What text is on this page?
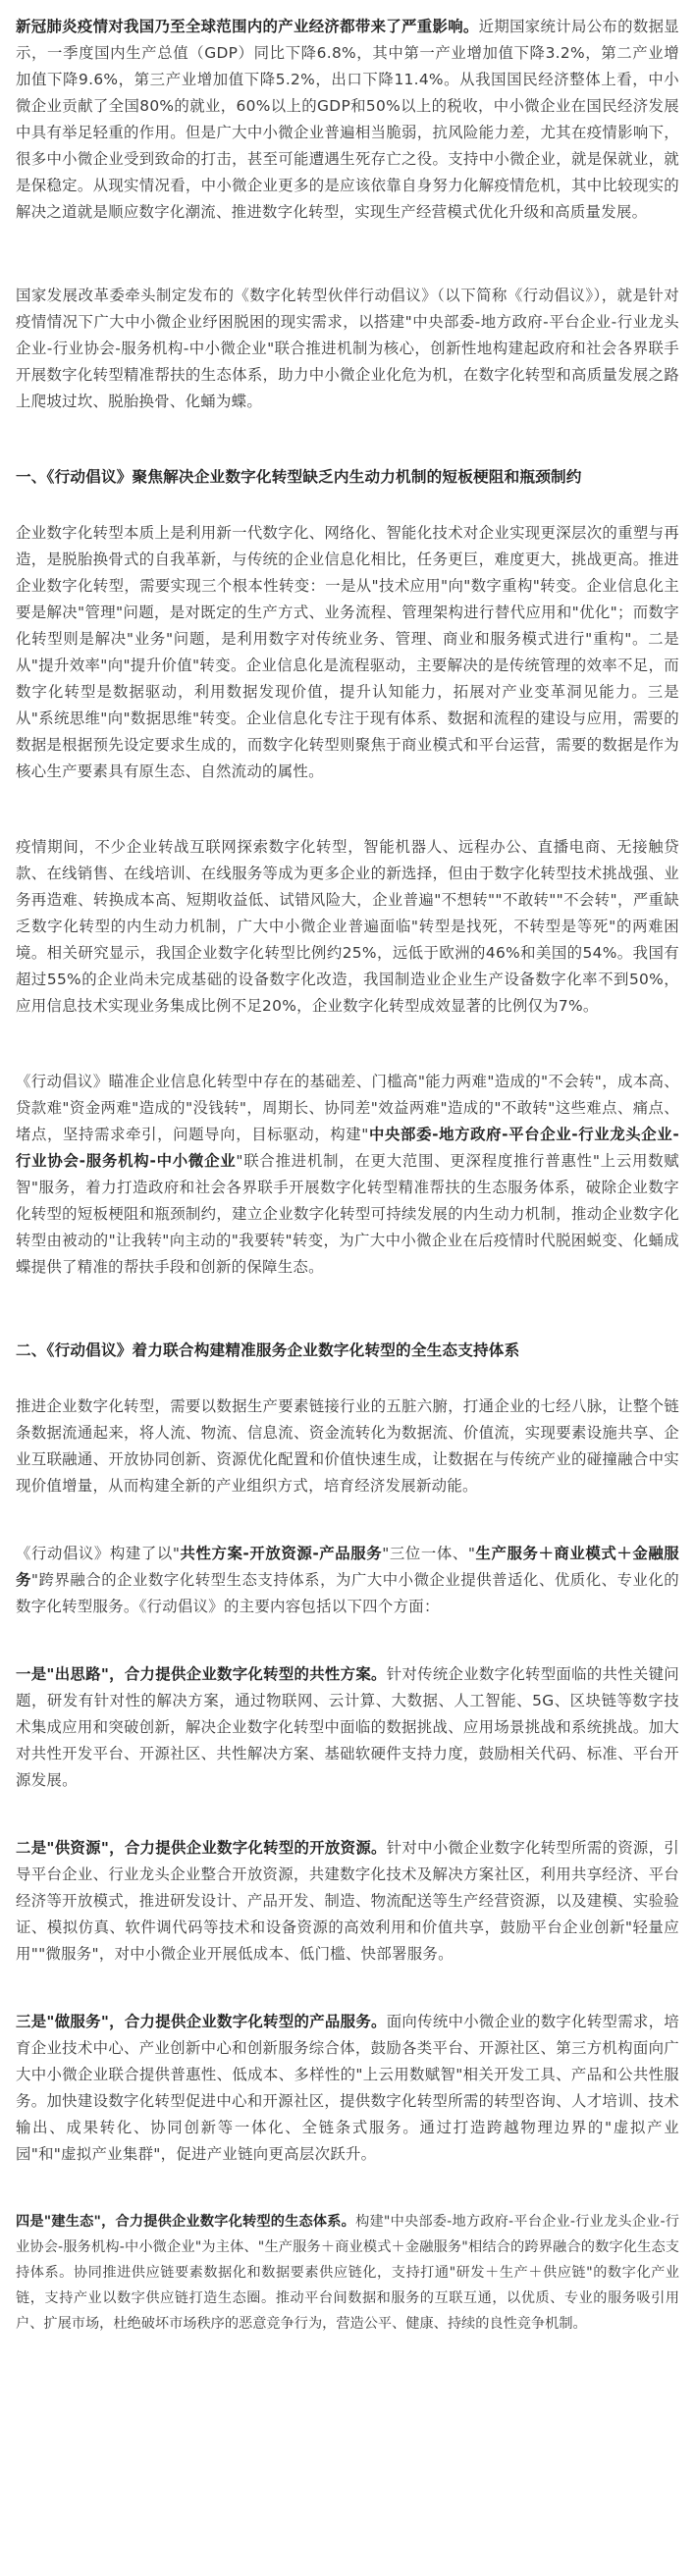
新冠肺炎疫情对我国乃至全球范围内的产业经济都带来了严重影响。近期国家统计局公布的数据显示，一季度国内生产总值（GDP）同比下降6.8%，其中第一产业增加值下降3.2%，第二产业增加值下降9.6%，第三产业增加值下降5.2%，出口下降11.4%。从我国国民经济整体上看，中小微企业贡献了全国80%的就业，60%以上的GDP和50%以上的税收，中小微企业在国民经济发展中具有举足轻重的作用。但是广大中小微企业普遍相当脆弱，抗风险能力差，尤其在疫情影响下，很多中小微企业受到致命的打击，甚至可能遭遇生死存亡之役。支持中小微企业，就是保就业，就是保稳定。从现实情况看，中小微企业更多的是应该依靠自身努力化解疫情危机，其中比较现实的解决之道就是顺应数字化潮流、推进数字化转型，实现生产经营模式优化升级和高质量发展。

国家发展改革委牵头制定发布的《数字化转型伙伴行动倡议》（以下简称《行动倡议》），就是针对疫情情况下广大中小微企业纾困脱困的现实需求，以搭建"中央部委-地方政府-平台企业-行业龙头企业-行业协会-服务机构-中小微企业"联合推进机制为核心，创新性地构建起政府和社会各界联手开展数字化转型精准帮扶的生态体系，助力中小微企业化危为机，在数字化转型和高质量发展之路上爬坡过坎、脱胎换骨、化蛹为蝶。

一、《行动倡议》聚焦解决企业数字化转型缺乏内生动力机制的短板梗阻和瓶颈制约

企业数字化转型本质上是利用新一代数字化、网络化、智能化技术对企业实现更深层次的重塑与再造，是脱胎换骨式的自我革新，与传统的企业信息化相比，任务更巨，难度更大，挑战更高。推进企业数字化转型，需要实现三个根本性转变：一是从"技术应用"向"数字重构"转变。企业信息化主要是解决"管理"问题，是对既定的生产方式、业务流程、管理架构进行替代应用和"优化"；而数字化转型则是解决"业务"问题，是利用数字对传统业务、管理、商业和服务模式进行"重构"。二是从"提升效率"向"提升价值"转变。企业信息化是流程驱动，主要解决的是传统管理的效率不足，而数字化转型是数据驱动，利用数据发现价值，提升认知能力，拓展对产业变革洞见能力。三是从"系统思维"向"数据思维"转变。企业信息化专注于现有体系、数据和流程的建设与应用，需要的数据是根据预先设定要求生成的，而数字化转型则聚焦于商业模式和平台运营，需要的数据是作为核心生产要素具有原生态、自然流动的属性。

疫情期间，不少企业转战互联网探索数字化转型，智能机器人、远程办公、直播电商、无接触贷款、在线销售、在线培训、在线服务等成为更多企业的新选择，但由于数字化转型技术挑战强、业务再造难、转换成本高、短期收益低、试错风险大，企业普遍"不想转""不敢转""不会转"，严重缺乏数字化转型的内生动力机制，广大中小微企业普遍面临"转型是找死，不转型是等死"的两难困境。相关研究显示，我国企业数字化转型比例约25%，远低于欧洲的46%和美国的54%。我国有超过55%的企业尚未完成基础的设备数字化改造，我国制造业企业生产设备数字化率不到50%，应用信息技术实现业务集成比例不足20%，企业数字化转型成效显著的比例仅为7%。

《行动倡议》瞄准企业信息化转型中存在的基础差、门槛高"能力两难"造成的"不会转"，成本高、贷款难"资金两难"造成的"没钱转"，周期长、协同差"效益两难"造成的"不敢转"这些难点、痛点、堵点，坚持需求牵引，问题导向，目标驱动，构建"中央部委-地方政府-平台企业-行业龙头企业-行业协会-服务机构-中小微企业"联合推进机制，在更大范围、更深程度推行普惠性"上云用数赋智"服务，着力打造政府和社会各界联手开展数字化转型精准帮扶的生态服务体系，破除企业数字化转型的短板梗阻和瓶颈制约，建立企业数字化转型可持续发展的内生动力机制，推动企业数字化转型由被动的"让我转"向主动的"我要转"转变，为广大中小微企业在后疫情时代脱困蜕变、化蛹成蝶提供了精准的帮扶手段和创新的保障生态。

二、《行动倡议》着力联合构建精准服务企业数字化转型的全生态支持体系

推进企业数字化转型，需要以数据生产要素链接行业的五脏六腑，打通企业的七经八脉，让整个链条数据流通起来，将人流、物流、信息流、资金流转化为数据流、价值流，实现要素设施共享、企业互联融通、开放协同创新、资源优化配置和价值快速生成，让数据在与传统产业的碰撞融合中实现价值增量，从而构建全新的产业组织方式，培育经济发展新动能。

《行动倡议》构建了以"共性方案-开放资源-产品服务"三位一体、"生产服务＋商业模式＋金融服务"跨界融合的企业数字化转型生态支持体系，为广大中小微企业提供普适化、优质化、专业化的数字化转型服务。《行动倡议》的主要内容包括以下四个方面：

一是"出思路"，合力提供企业数字化转型的共性方案。针对传统企业数字化转型面临的共性关键问题，研发有针对性的解决方案，通过物联网、云计算、大数据、人工智能、5G、区块链等数字技术集成应用和突破创新，解决企业数字化转型中面临的数据挑战、应用场景挑战和系统挑战。加大对共性开发平台、开源社区、共性解决方案、基础软硬件支持力度，鼓励相关代码、标准、平台开源发展。

二是"供资源"，合力提供企业数字化转型的开放资源。针对中小微企业数字化转型所需的资源，引导平台企业、行业龙头企业整合开放资源，共建数字化技术及解决方案社区，利用共享经济、平台经济等开放模式，推进研发设计、产品开发、制造、物流配送等生产经营资源，以及建模、实验验证、模拟仿真、软件调代码等技术和设备资源的高效利用和价值共享，鼓励平台企业创新"轻量应用""微服务"，对中小微企业开展低成本、低门槛、快部署服务。

三是"做服务"，合力提供企业数字化转型的产品服务。面向传统中小微企业的数字化转型需求，培育企业技术中心、产业创新中心和创新服务综合体，鼓励各类平台、开源社区、第三方机构面向广大中小微企业联合提供普惠性、低成本、多样性的"上云用数赋智"相关开发工具、产品和公共性服务。加快建设数字化转型促进中心和开源社区，提供数字化转型所需的转型咨询、人才培训、技术输出、成果转化、协同创新等一体化、全链条式服务。通过打造跨越物理边界的"虚拟产业园"和"虚拟产业集群"，促进产业链向更高层次跃升。

四是"建生态"，合力提供企业数字化转型的生态体系。构建"中央部委-地方政府-平台企业-行业龙头企业-行业协会-服务机构-中小微企业"为主体、"生产服务＋商业模式＋金融服务"相结合的跨界融合的数字化生态支持体系。协同推进供应链要素数据化和数据要素供应链化，支持打通"研发＋生产＋供应链"的数字化产业链，支持产业以数字供应链打造生态圈。推动平台间数据和服务的互联互通，以优质、专业的服务吸引用户、扩展市场，杜绝破坏市场秩序的恶意竞争行为，营造公平、健康、持续的良性竞争机制。
